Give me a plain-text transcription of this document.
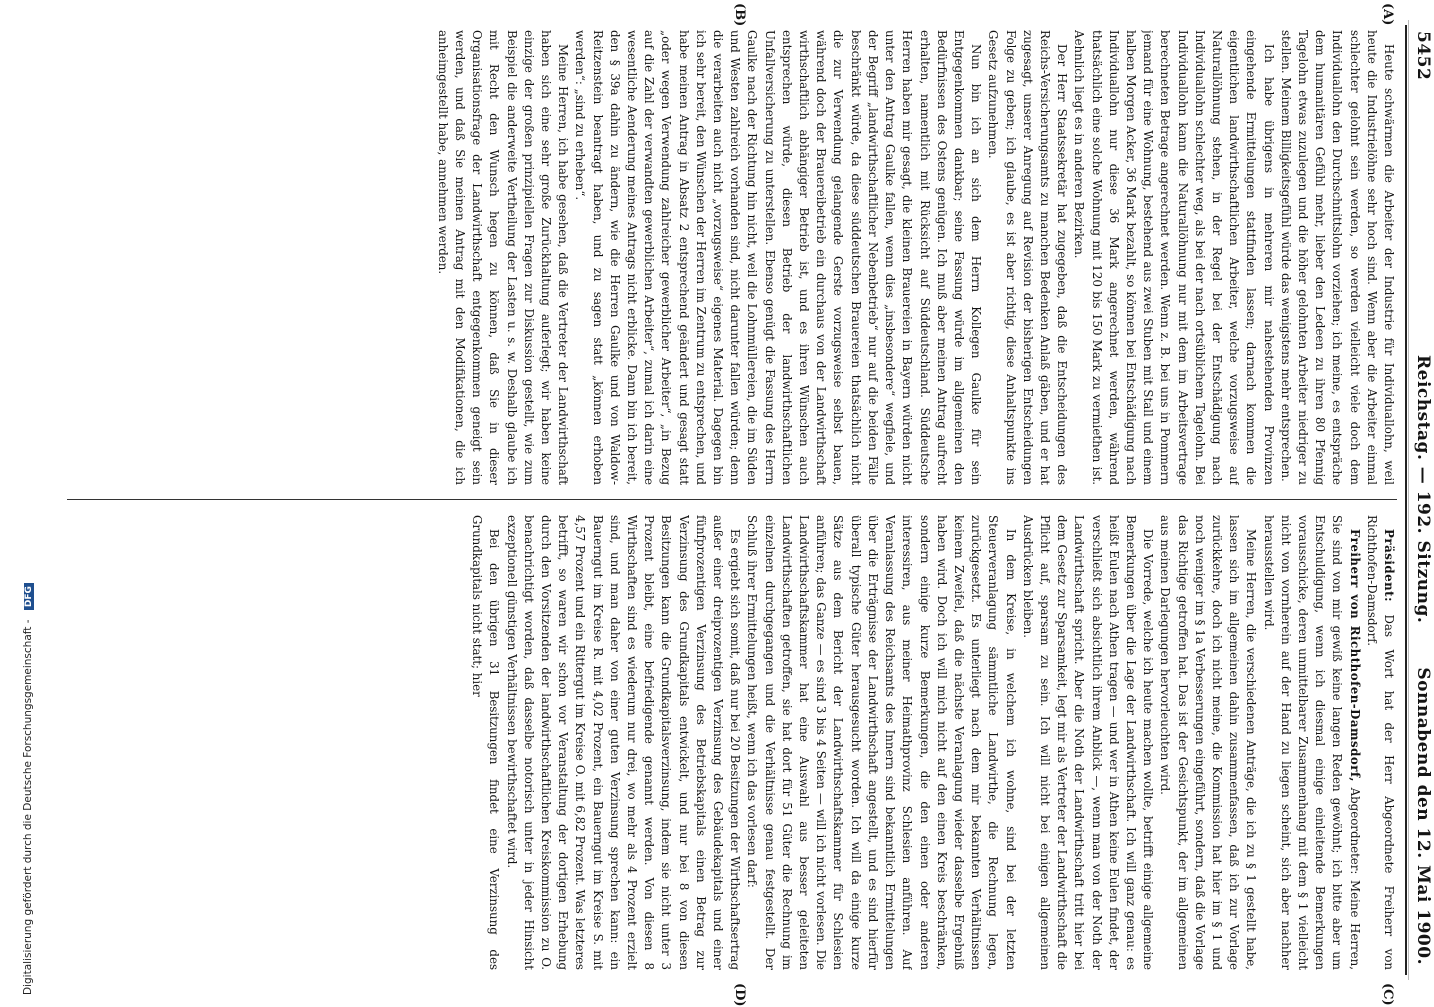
5452
Reichstag. — 192. Sitzung.
Sonnabend den 12. Mai 1900.
(A)
(B)
(C)
(D)

Heute schwärmen die Arbeiter der Industrie für Individuallohn, weil heute die Industrielöhne sehr hoch sind. Wenn aber die Arbeiter einmal schlechter gelohnt sein werden, so werden vielleicht viele doch dem Individuallohn den Durchschnittslohn vorziehen; ich meine, es entspräche dem humanitären Gefühl mehr, lieber den Ledeen zu ihren 80 Pfennig Tagelohn etwas zuzulegen und die höher gelohnten Arbeiter niedriger zu stellen. Meinem Billigkeitsgefühl würde das wenigstens mehr entsprechen.

Ich habe übrigens in mehreren mir nahestehenden Provinzen eingehende Ermittelungen stattfinden lassen; darnach kommen die eigentlichen landwirthschaftlichen Arbeiter, welche vorzugsweise auf Naturallöhnung stehen, in der Regel bei der Entschädigung nach Individuallohn schlechter weg, als bei der nach ortsüblichem Tagelohn. Bei Individuallohn kann die Naturallöhnung nur mit dem im Arbeitsvertrage berechneten Betrage angerechnet werden. Wenn z. B. bei uns in Pommern jemand für eine Wohnung, bestehend aus zwei Stuben mit Stall und einem halben Morgen Acker, 36 Mark bezahlt, so können bei Entschädigung nach Individuallohn nur diese 36 Mark angerechnet werden, während thatsächlich eine solche Wohnung mit 120 bis 150 Mark zu vermiethen ist. Aehnlich liegt es in anderen Bezirken.

Der Herr Staatssekretär hat zugegeben, daß die Entscheidungen des Reichs-Versicherungsamts zu manchen Bedenken Anlaß gäben, und er hat zugesagt, unserer Anregung auf Revision der bisherigen Entscheidungen Folge zu geben; ich glaube, es ist aber richtig, diese Anhaltspunkte ins Gesetz aufzunehmen.

Nun bin ich an sich dem Herrn Kollegen Gaulke für sein Entgegenkommen dankbar; seine Fassung würde im allgemeinen den Bedürfnissen des Ostens genügen. Ich muß aber meinen Antrag aufrecht erhalten, namentlich mit Rücksicht auf Süddeutschland. Süddeutsche Herren haben mir gesagt, die kleinen Brauereien in Bayern würden nicht unter den Antrag Gaulke fallen, wenn dies „insbesondere“ wegfiele, und der Begriff „landwirthschaftlicher Nebenbetrieb“ nur auf die beiden Fälle beschränkt würde, da diese süddeutschen Brauereien thatsächlich nicht die zur Verwendung gelangende Gerste vorzugsweise selbst bauen, während doch der Brauereibetrieb ein durchaus von der Landwirthschaft wirthschaftlich abhängiger Betrieb ist, und es ihren Wünschen auch entsprechen würde, diesen Betrieb der landwirthschaftlichen Unfallversicherung zu unterstellen. Ebenso genügt die Fassung des Herrn Gaulke nach der Richtung hin nicht, weil die Lohnmüllereien, die im Süden und Westen zahlreich vorhanden sind, nicht darunter fallen würden; denn die verarbeiten auch nicht „vorzugsweise“ eigenes Material. Dagegen bin ich sehr bereit, den Wünschen der Herren im Zentrum zu entsprechen, und habe meinen Antrag in Absatz 2 entsprechend geändert und gesagt statt „oder wegen Verwendung zahlreicher gewerblicher Arbeiter“, „in Bezug auf die Zahl der verwandten gewerblichen Arbeiter“, zumal ich darin eine wesentliche Aenderung meines Antrags nicht erblicke. Dann bin ich bereit, den § 39a dahin zu ändern, wie die Herren Gaulke und von Waldow-Reitzenstein beantragt haben, und zu sagen statt „können erhoben werden“: „sind zu erheben“.

Meine Herren, ich habe gesehen, daß die Vertreter der Landwirthschaft haben sich eine sehr große Zurückhaltung auferlegt; wir haben keine einzige der großen prinzipiellen Fragen zur Diskussion gestellt, wie zum Beispiel die anderweite Vertheilung der Lasten u. s. w. Deshalb glaube ich mit Recht den Wunsch hegen zu können, daß Sie in dieser Organisationsfrage der Landwirthschaft entgegenkommen geneigt sein werden, und daß Sie meinen Antrag mit den Modifikationen, die ich anheimgestellt habe, annehmen werden.

Präsident: Das Wort hat der Herr Abgeordnete Freiherr von Richthofen-Damsdorf.

Freiherr von Richthofen-Damsdorf, Abgeordneter: Meine Herren, Sie sind von mir gewiß keine langen Reden gewöhnt; ich bitte aber um Entschuldigung, wenn ich diesmal einige einleitende Bemerkungen vorausschicke, deren unmittelbarer Zusammenhang mit dem § 1 vielleicht nicht von vornherein auf der Hand zu liegen scheint, sich aber nachher herausstellen wird.

Meine Herren, die verschiedenen Anträge, die ich zu § 1 gestellt habe, lassen sich im allgemeinen dahin zusammenfassen, daß ich zur Vorlage zurückkehre, doch ich nicht meine, die Kommission hat hier im § 1 und noch weniger im § 1a Verbesserungen eingeführt, sondern, daß die Vorlage das Richtige getroffen hat. Das ist der Gesichtspunkt, der im allgemeinen aus meinen Darlegungen hervorleuchten wird.

Die Vorrede, welche ich heute machen wollte, betrifft einige allgemeine Bemerkungen über die Lage der Landwirthschaft. Ich will ganz genau: es heißt Eulen nach Athen tragen — und wer in Athen keine Eulen findet, der verschließt sich absichtlich ihrem Anblick —, wenn man von der Noth der Landwirthschaft spricht. Aber die Noth der Landwirthschaft tritt hier bei dem Gesetz zur Sparsamkeit, legt mir als Vertreter der Landwirthschaft die Pflicht auf, sparsam zu sein. Ich will nicht bei einigen allgemeinen Ausdrücken bleiben.

In dem Kreise, in welchem ich wohne, sind bei der letzten Steuerveranlagung sämmtliche Landwirthe, die Rechnung legen, zurückgesetzt. Es unterliegt nach dem mir bekannten Verhältnissen keinem Zweifel, daß die nächste Veranlagung wieder dasselbe Ergebniß haben wird. Doch ich will mich nicht auf den einen Kreis beschränken, sondern einige kurze Bemerkungen, die den einen oder anderen interessiren, aus meiner Heimathprovinz Schlesien anführen. Auf Veranlassung des Reichsamts des Innern sind bekanntlich Ermittelungen über die Erträgnisse der Landwirthschaft angestellt, und es sind hierfür überall typische Güter herausgesucht worden. Ich will da einige kurze Sätze aus dem Bericht der Landwirthschaftskammer für Schlesien anführen; das Ganze — es sind 3 bis 4 Seiten — will ich nicht vorlesen. Die Landwirthschaftskammer hat eine Auswahl aus besser geleiteten Landwirthschaften getroffen, sie hat dort für 51 Güter die Rechnung im einzelnen durchgegangen und die Verhältnisse genau festgestellt. Der Schluß ihrer Ermittelungen heißt, wenn ich das vorlesen darf:

Es ergiebt sich somit, daß nur bei 20 Besitzungen der Wirthschaftsertrag außer einer dreiprozentigen Verzinsung des Gebäudekapitals und einer fünfprozentigen Verzinsung des Betriebskapitals einen Betrag zur Verzinsung des Grundkapitals entwickelt, und nur bei 8 von diesen Besitzungen kann die Grundkapitalsverzinsung, indem sie nicht unter 3 Prozent bleibt, eine befriedigende genannt werden. Von diesen 8 Wirthschaften sind es wiederum nur drei, wo mehr als 4 Prozent erzielt sind, und man daher von einer guten Verzinsung sprechen kann: ein Bauerngut im Kreise R. mit 4,02 Prozent, ein Bauerngut im Kreise S. mit 4,57 Prozent und ein Rittergut im Kreise O. mit 6,82 Prozent. Was letzteres betrifft, so waren wir schon vor Veranstaltung der dortigen Erhebung durch den Vorsitzenden der landwirthschaftlichen Kreiskommission zu O. benachrichtigt worden, daß dasselbe notorisch unter in jeder Hinsicht exzeptionell günstigen Verhältnissen bewirthschaftet wird.

Bei den übrigen 31 Besitzungen findet eine Verzinsung des Grundkapitals nicht statt; hier

Digitalisierung gefördert durch die Deutsche Forschungsgemeinschaft - DFG
